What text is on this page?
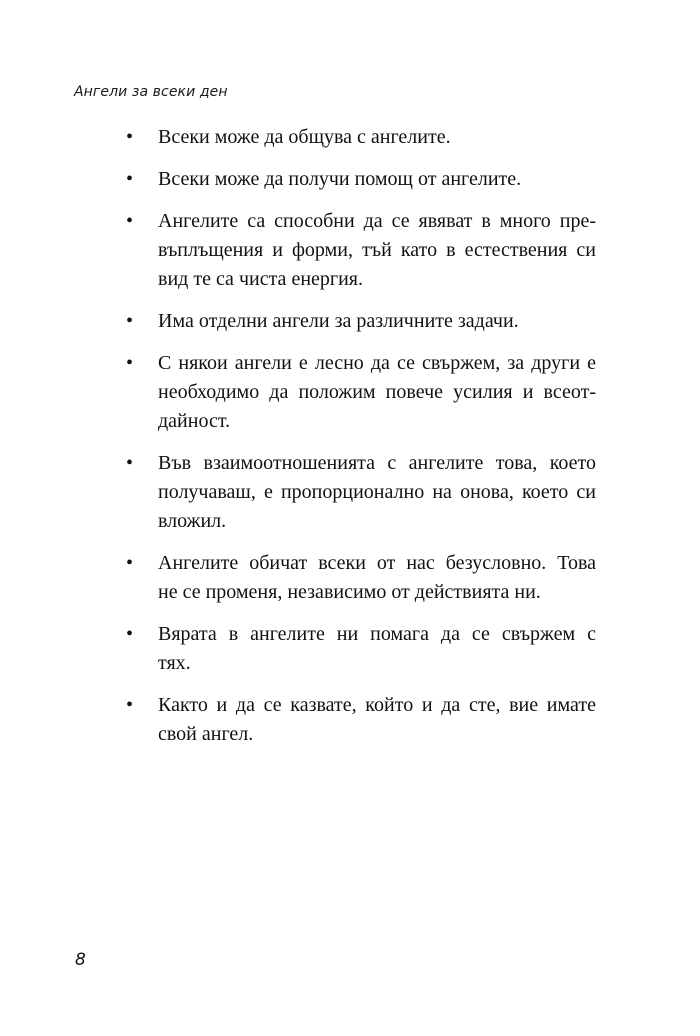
Ангели за всеки ден
•	Всеки може да общува с ангелите.
•	Всеки може да получи помощ от ангелите.
•	Ангелите са способни да се явяват в много пре-
въплъщения и форми, тъй като в естествения си
вид те са чиста енергия.
•	Има отделни ангели за различните задачи.
•	С някои ангели е лесно да се свържем, за други е
необходимо да положим повече усилия и всеот-
дайност.
•	Във взаимоотношенията с ангелите това, което
получаваш, е пропорционално на онова, което си
вложил.
•	Ангелите обичат всеки от нас безусловно. Това
не се променя, независимо от действията ни.
•	Вярата в ангелите ни помага да се свържем с
тях.
•	Както и да се казвате, който и да сте, вие имате
свой ангел.
8
